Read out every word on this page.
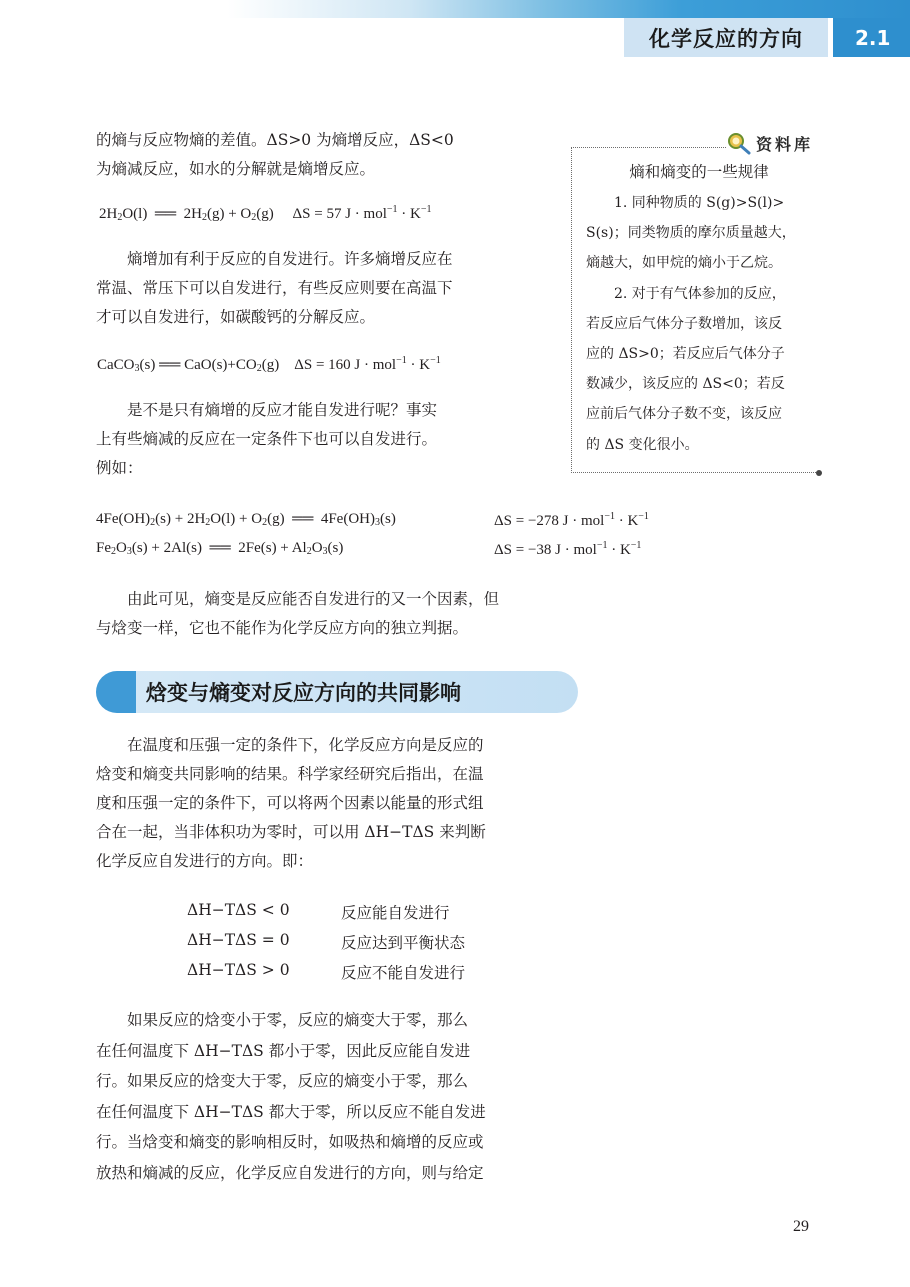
化学反应的方向	2.1

的熵与反应物熵的差值。ΔS>0 为熵增反应，ΔS<0

为熵减反应，如水的分解就是熵增反应。

$2H_2O(l)$ ══ $2H_2(g) + O_2(g) \Delta S = 57$ $J \cdot mol^{-1} \cdot K^{-1}$

熵增加有利于反应的自发进行。许多熵增反应在

常温、常压下可以自发进行，有些反应则要在高温下

才可以自发进行，如碳酸钙的分解反应。

CaCO$_3$(s) ══ $CaO(s)+CO_2(g) \Delta S = 160$ $J \cdot mol^{-1} \cdot K^{-1}$

是不是只有熵增的反应才能自发进行呢？事实

上有些熵减的反应在一定条件下也可以自发进行。

例如：

资料库
熵和熵变的一些规律

1. 同种物质的 S(g)>S(l)>

S(s)；同类物质的摩尔质量越大，

熵越大，如甲烷的熵小于乙烷。

2. 对于有气体参加的反应，

若反应后气体分子数增加，该反

应的 ΔS>0；若反应后气体分子

数减少，该反应的 ΔS<0；若反

应前后气体分子数不变，该反应

的 ΔS 变化很小。

$4Fe(OH)_2(s) + 2H_2O(l) + O_2(g)$ ══ $4Fe(OH)_3(s)$	ΔS = −278 $J \cdot mol^{-1} \cdot K^{-1}$
$Fe_2O_3(s) + 2Al(s)$ ══ $2Fe(s) + Al_2O_3(s)$	ΔS = −38 $J \cdot mol^{-1} \cdot K^{-1}$

由此可见，熵变是反应能否自发进行的又一个因素，但

与焓变一样，它也不能作为化学反应方向的独立判据。

焓变与熵变对反应方向的共同影响

在温度和压强一定的条件下，化学反应方向是反应的

焓变和熵变共同影响的结果。科学家经研究后指出，在温

度和压强一定的条件下，可以将两个因素以能量的形式组

合在一起，当非体积功为零时，可以用 ΔH−TΔS 来判断

化学反应自发进行的方向。即：

ΔH−TΔS < 0	反应能自发进行
ΔH−TΔS = 0	反应达到平衡状态
ΔH−TΔS > 0	反应不能自发进行

如果反应的焓变小于零，反应的熵变大于零，那么

在任何温度下 ΔH−TΔS 都小于零，因此反应能自发进

行。如果反应的焓变大于零，反应的熵变小于零，那么

在任何温度下 ΔH−TΔS 都大于零，所以反应不能自发进

行。当焓变和熵变的影响相反时，如吸热和熵增的反应或

放热和熵减的反应，化学反应自发进行的方向，则与给定

29
